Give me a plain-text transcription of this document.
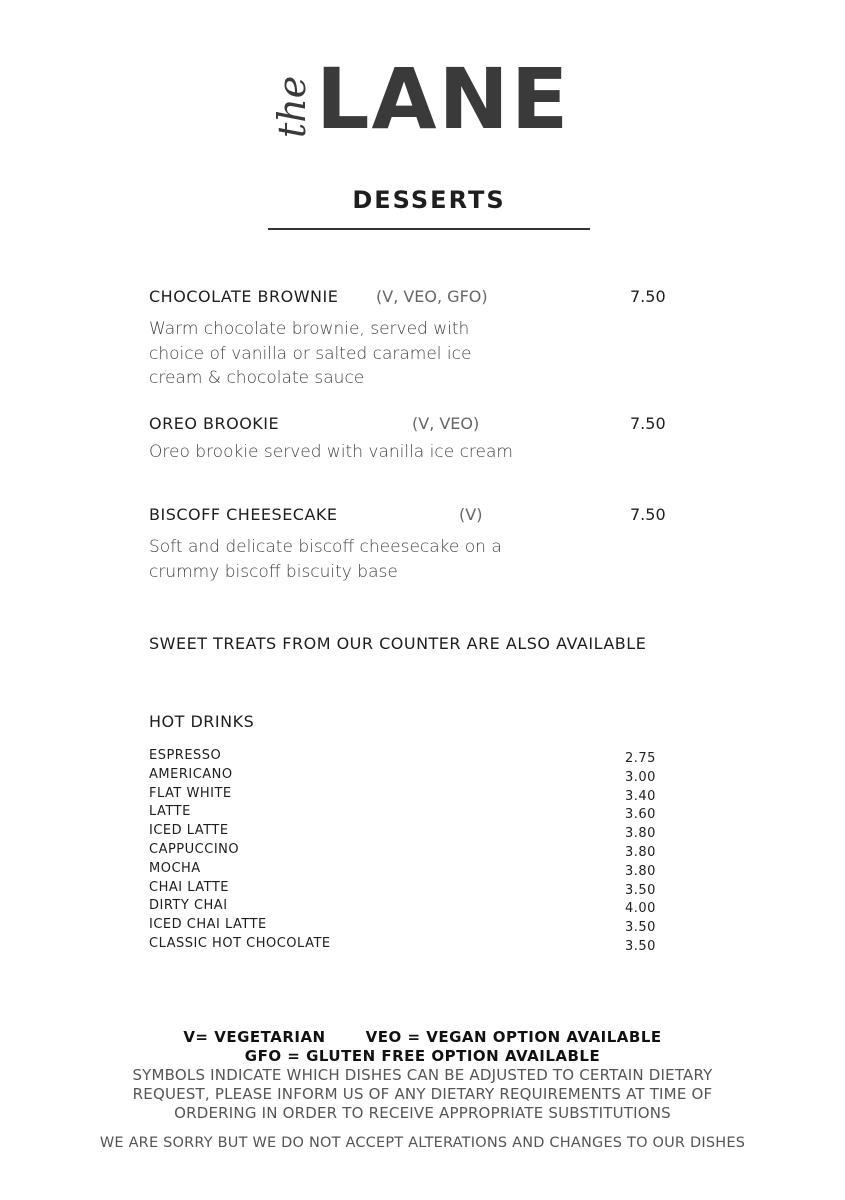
the LANE
DESSERTS
CHOCOLATE BROWNIE (V, VEO, GFO)	7.50
Warm chocolate brownie, served with choice of vanilla or salted caramel ice cream & chocolate sauce
OREO BROOKIE	(V, VEO)	7.50
Oreo brookie served with vanilla ice cream
BISCOFF CHEESECAKE	(V)	7.50
Soft and delicate biscoff cheesecake on a crummy biscoff biscuity base
SWEET TREATS FROM OUR COUNTER ARE ALSO AVAILABLE
HOT DRINKS
ESPRESSO	2.75
AMERICANO	3.00
FLAT WHITE	3.40
LATTE	3.60
ICED LATTE	3.80
CAPPUCCINO	3.80
MOCHA	3.80
CHAI LATTE	3.50
DIRTY CHAI	4.00
ICED CHAI LATTE	3.50
CLASSIC HOT CHOCOLATE	3.50
V= VEGETARIAN	VEO = VEGAN OPTION AVAILABLE
GFO = GLUTEN FREE OPTION AVAILABLE
SYMBOLS INDICATE WHICH DISHES CAN BE ADJUSTED TO CERTAIN DIETARY
REQUEST, PLEASE INFORM US OF ANY DIETARY REQUIREMENTS AT TIME OF
ORDERING IN ORDER TO RECEIVE APPROPRIATE SUBSTITUTIONS
WE ARE SORRY BUT WE DO NOT ACCEPT ALTERATIONS AND CHANGES TO OUR DISHES
